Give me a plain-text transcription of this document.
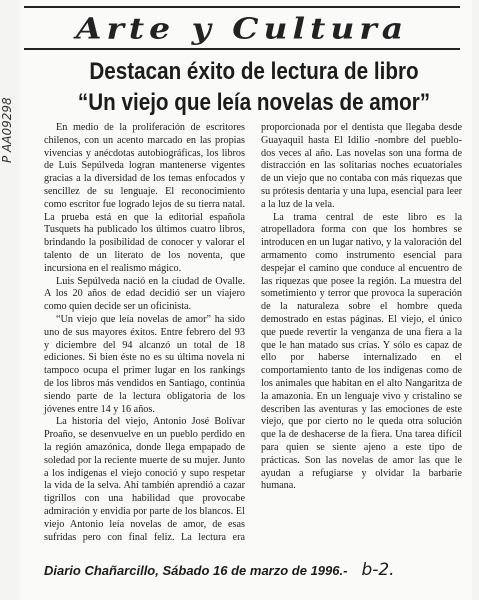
P AA09298
Arte y Cultura
Destacan éxito de lectura de libro
“Un viejo que leía novelas de amor”

En medio de la proliferación de escritores chilenos, con un acento marcado en las propias vivencias y anécdotas autobiográficas, los libros de Luis Sepúlveda logran mantenerse vigentes gracias a la diversidad de los temas enfocados y sencillez de su lenguaje. El reconocimiento como escritor fue logrado lejos de su tierra natal. La prueba está en que la editorial española Tusquets ha publicado los últimos cuatro libros, brindando la posibilidad de conocer y valorar el talento de un literato de los noventa, que incursiona en el realismo mágico.

Luis Sepúlveda nació en la ciudad de Ovalle. A los 20 años de edad decidió ser un viajero como quien decide ser un oficinista.

“Un viejo que leía novelas de amor” ha sido uno de sus mayores éxitos. Entre febrero del 93 y diciembre del 94 alcanzó un total de 18 ediciones. Si bien éste no es su última novela ni tampoco ocupa el primer lugar en los rankings de los libros más vendidos en Santiago, continúa siendo parte de la lectura obligatoria de los jóvenes entre 14 y 16 años.

La historia del viejo, Antonio José Bolívar Proaño, se desenvuelve en un pueblo perdido en la región amazónica, donde llega empapado de soledad por la reciente muerte de su mujer. Junto a los indígenas el viejo conoció y supo respetar la vida de la selva. Ahí también aprendió a cazar tigrillos con una habilidad que provocabe admiración y envidia por parte de los blancos. El viejo Antonio leía novelas de amor, de esas sufridas pero con final feliz. La lectura era proporcionada por el dentista que llegaba desde Guayaquil hasta El Idilio -nombre del pueblo- dos veces al año. Las novelas son una forma de distracción en las solitarias noches ecuatoriales de un viejo que no contaba con más riquezas que su prótesis dentaria y una lupa, esencial para leer a la luz de la vela.

La trama central de este libro es la atropelladora forma con que los hombres se introducen en un lugar nativo, y la valoración del armamento como instrumento esencial para despejar el camino que conduce al encuentro de las riquezas que posee la región. La muestra del sometimiento y terror que provoca la superación de la naturaleza sobre el hombre queda demostrado en estas páginas. El viejo, el único que puede revertir la venganza de una fiera a la que le han matado sus crías. Y sólo es capaz de ello por haberse internalizado en el comportamiento tanto de los indígenas como de los animales que habitan en el alto Nangaritza de la amazonia. En un lenguaje vivo y cristalino se describen las aventuras y las emociones de este viejo, que por cierto no le queda otra solución que la de deshacerse de la fiera. Una tarea difícil para quien se siente ajeno a este tipo de prácticas. Son las novelas de amor las que le ayudan a refugiarse y olvidar la barbarie humana.

Diario Chañarcillo, Sábado 16 de marzo de 1996.- b-2.
